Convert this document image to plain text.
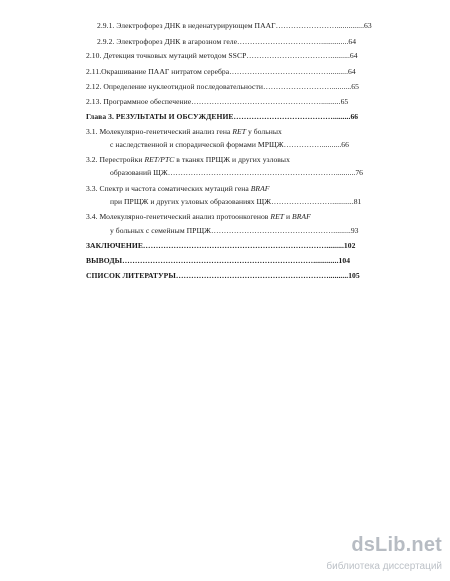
2.9.1. Электрофорез ДНК в неденатурирующем ПААГ……………………..............63
2.9.2. Электрофорез ДНК в агарозном геле……………………………..............64
2.10. Детекция точковых мутаций методом SSCP……………………………..........64
2.11.Окрашивание ПААГ нитратом серебра…………………………………..........64
2.12. Определение нуклеотидной последовательности………………………..........65
2.13. Программное обеспечение……………………………………………..........65
Глава 3. РЕЗУЛЬТАТЫ И ОБСУЖДЕНИЕ………………………………….........66
3.1. Молекулярно-генетический анализ гена RET у больных
с наследственной и спорадической формами МРЩЖ……………..........66
3.2. Перестройки RET/PTC в тканях ПРЩЖ и других узловых
образований ЩЖ…………………………………………………………..........76
3.3. Спектр и частота соматических мутаций гена BRAF
при ПРЩЖ и других узловых образованиях ЩЖ……………………...........81
3.4. Молекулярно-генетический анализ протоонкогенов RET и BRAF
у больных с семейным ПРЩЖ………………………………………….........93
ЗАКЛЮЧЕНИЕ……………………………………………………………….........102
ВЫВОДЫ………………………………………………………………….............104
СПИСОК ЛИТЕРАТУРЫ……………………………………………………..........105
dsLib.net
библиотека диссертаций
